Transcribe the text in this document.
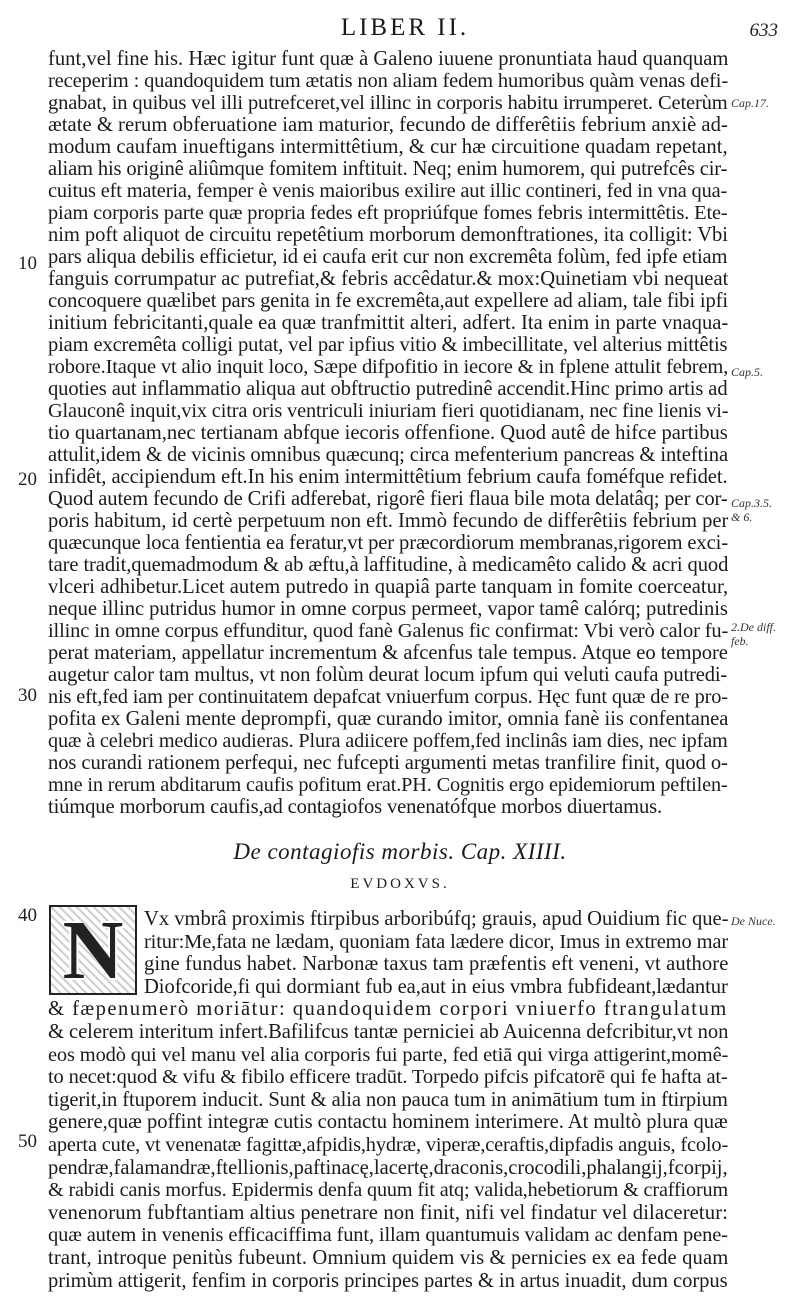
LIBER II.	633
funt,vel fine his. Hæc igitur funt quæ à Galeno iuuene pronuntiata haud quanquam
receperim : quandoquidem tum ætatis non aliam fedem humoribus quàm venas defi-
gnabat, in quibus vel illi putrefceret,vel illinc in corporis habitu irrumperet. Ceterùm
ætate & rerum obferuatione iam maturior, fecundo de differêtiis febrium anxiè ad-
modum caufam inueftigans intermittêtium, & cur hæ circuitione quadam repetant,
aliam his originê aliûmque fomitem inftituit. Neq; enim humorem, qui putrefcês cir-
cuitus eft materia, femper è venis maioribus exilire aut illic contineri, fed in vna qua-
piam corporis parte quæ propria fedes eft propriúfque fomes febris intermittêtis. Ete-
nim poft aliquot de circuitu repetêtium morborum demonftrationes, ita colligit: Vbi
pars aliqua debilis efficietur, id ei caufa erit cur non excremêta folùm, fed ipfe etiam
fanguis corrumpatur ac putrefiat,& febris accêdatur.& mox:Quinetiam vbi nequeat
concoquere quælibet pars genita in fe excremêta,aut expellere ad aliam, tale fibi ipfi
initium febricitanti,quale ea quæ tranfmittit alteri, adfert. Ita enim in parte vnaqua-
piam excremêta colligi putat, vel par ipfius vitio & imbecillitate, vel alterius mittêtis
robore.Itaque vt alio inquit loco, Sæpe difpofitio in iecore & in fplene attulit febrem,
quoties aut inflammatio aliqua aut obftructio putredinê accendit.Hinc primo artis ad
Glauconê inquit,vix citra oris ventriculi iniuriam fieri quotidianam, nec fine lienis vi-
tio quartanam,nec tertianam abfque iecoris offenfione. Quod autê de hifce partibus
attulit,idem & de vicinis omnibus quæcunq; circa mefenterium pancreas & inteftina
infidêt, accipiendum eft.In his enim intermittêtium febrium caufa foméfque refidet.
Quod autem fecundo de Crifi adferebat, rigorê fieri flaua bile mota delatâq; per cor-
poris habitum, id certè perpetuum non eft. Immò fecundo de differêtiis febrium per
quæcunque loca fentientia ea feratur,vt per præcordiorum membranas,rigorem exci-
tare tradit,quemadmodum & ab æftu,à laffitudine, à medicamêto calido & acri quod
vlceri adhibetur.Licet autem putredo in quapiâ parte tanquam in fomite coerceatur,
neque illinc putridus humor in omne corpus permeet, vapor tamê calórq; putredinis
illinc in omne corpus effunditur, quod fanè Galenus fic confirmat: Vbi verò calor fu-
perat materiam, appellatur incrementum & afcenfus tale tempus. Atque eo tempore
augetur calor tam multus, vt non folùm deurat locum ipfum qui veluti caufa putredi-
nis eft,fed iam per continuitatem depafcat vniuerfum corpus. Hęc funt quæ de re pro-
pofita ex Galeni mente deprompfi, quæ curando imitor, omnia fanè iis confentanea
quæ à celebri medico audieras. Plura adiicere poffem,fed inclinâs iam dies, nec ipfam
nos curandi rationem perfequi, nec fufcepti argumenti metas tranfilire finit, quod o-
mne in rerum abditarum caufis pofitum erat.PH. Cognitis ergo epidemiorum peftilen-
tiúmque morborum caufis,ad contagiofos venenatófque morbos diuertamus.
10
20
30
40
50
Cap.17.
Cap.5.
Cap.3.5. & 6.
2.De diff. feb.
De Nuce.
De contagiofis morbis. Cap. XIIII.
EVDOXVS.
N	Vx vmbrâ proximis ftirpibus arboribúfq; grauis, apud Ouidium fic que-
ritur:Me,fata ne lædam, quoniam fata lædere dicor, Imus in extremo mar
gine fundus habet. Narbonæ taxus tam præfentis eft veneni, vt authore
Diofcoride,fi qui dormiant fub ea,aut in eius vmbra fubfideant,lædantur
& fæpenumerò moriātur: quandoquidem corpori vniuerfo ftrangulatum
& celerem interitum infert.Bafilifcus tantæ perniciei ab Auicenna defcribitur,vt non
eos modò qui vel manu vel alia corporis fui parte, fed etiā qui virga attigerint,momê-
to necet:quod & vifu & fibilo efficere tradūt. Torpedo pifcis pifcatorē qui fe hafta at-
tigerit,in ftuporem inducit. Sunt & alia non pauca tum in animātium tum in ftirpium
genere,quæ poffint integræ cutis contactu hominem interimere. At multò plura quæ
aperta cute, vt venenatæ fagittæ,afpidis,hydræ, viperæ,ceraftis,dipfadis anguis, fcolo-
pendræ,falamandræ,ftellionis,paftinacę,lacertę,draconis,crocodili,phalangij,fcorpij,
& rabidi canis morfus. Epidermis denfa quum fit atq; valida,hebetiorum & craffiorum
venenorum fubftantiam altius penetrare non finit, nifi vel findatur vel dilaceretur:
quæ autem in venenis efficaciffima funt, illam quantumuis validam ac denfam pene-
trant, introque penitùs fubeunt. Omnium quidem vis & pernicies ex ea fede quam
primùm attigerit, fenfim in corporis principes partes & in artus inuadit, dum corpus
